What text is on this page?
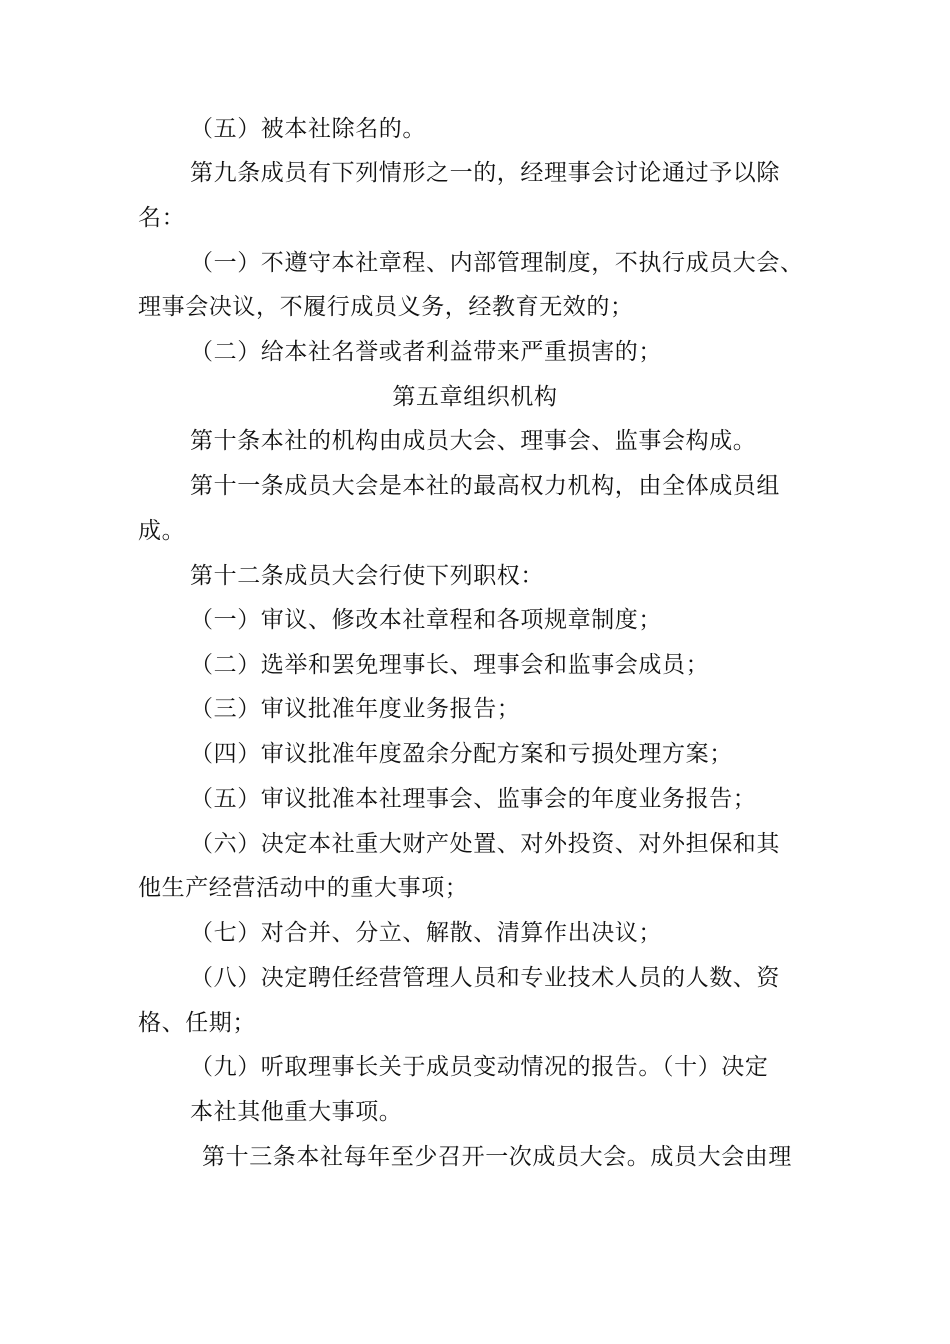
（五）被本社除名的。
第九条成员有下列情形之一的，经理事会讨论通过予以除
名：
（一）不遵守本社章程、内部管理制度，不执行成员大会、
理事会决议，不履行成员义务，经教育无效的；
（二）给本社名誉或者利益带来严重损害的；
第五章组织机构
第十条本社的机构由成员大会、理事会、监事会构成。
第十一条成员大会是本社的最高权力机构，由全体成员组
成。
第十二条成员大会行使下列职权：
（一）审议、修改本社章程和各项规章制度；
（二）选举和罢免理事长、理事会和监事会成员；
（三）审议批准年度业务报告；
（四）审议批准年度盈余分配方案和亏损处理方案；
（五）审议批准本社理事会、监事会的年度业务报告；
（六）决定本社重大财产处置、对外投资、对外担保和其
他生产经营活动中的重大事项；
（七）对合并、分立、解散、清算作出决议；
（八）决定聘任经营管理人员和专业技术人员的人数、资
格、任期；
（九）听取理事长关于成员变动情况的报告。（十）决定
本社其他重大事项。
第十三条本社每年至少召开一次成员大会。成员大会由理
